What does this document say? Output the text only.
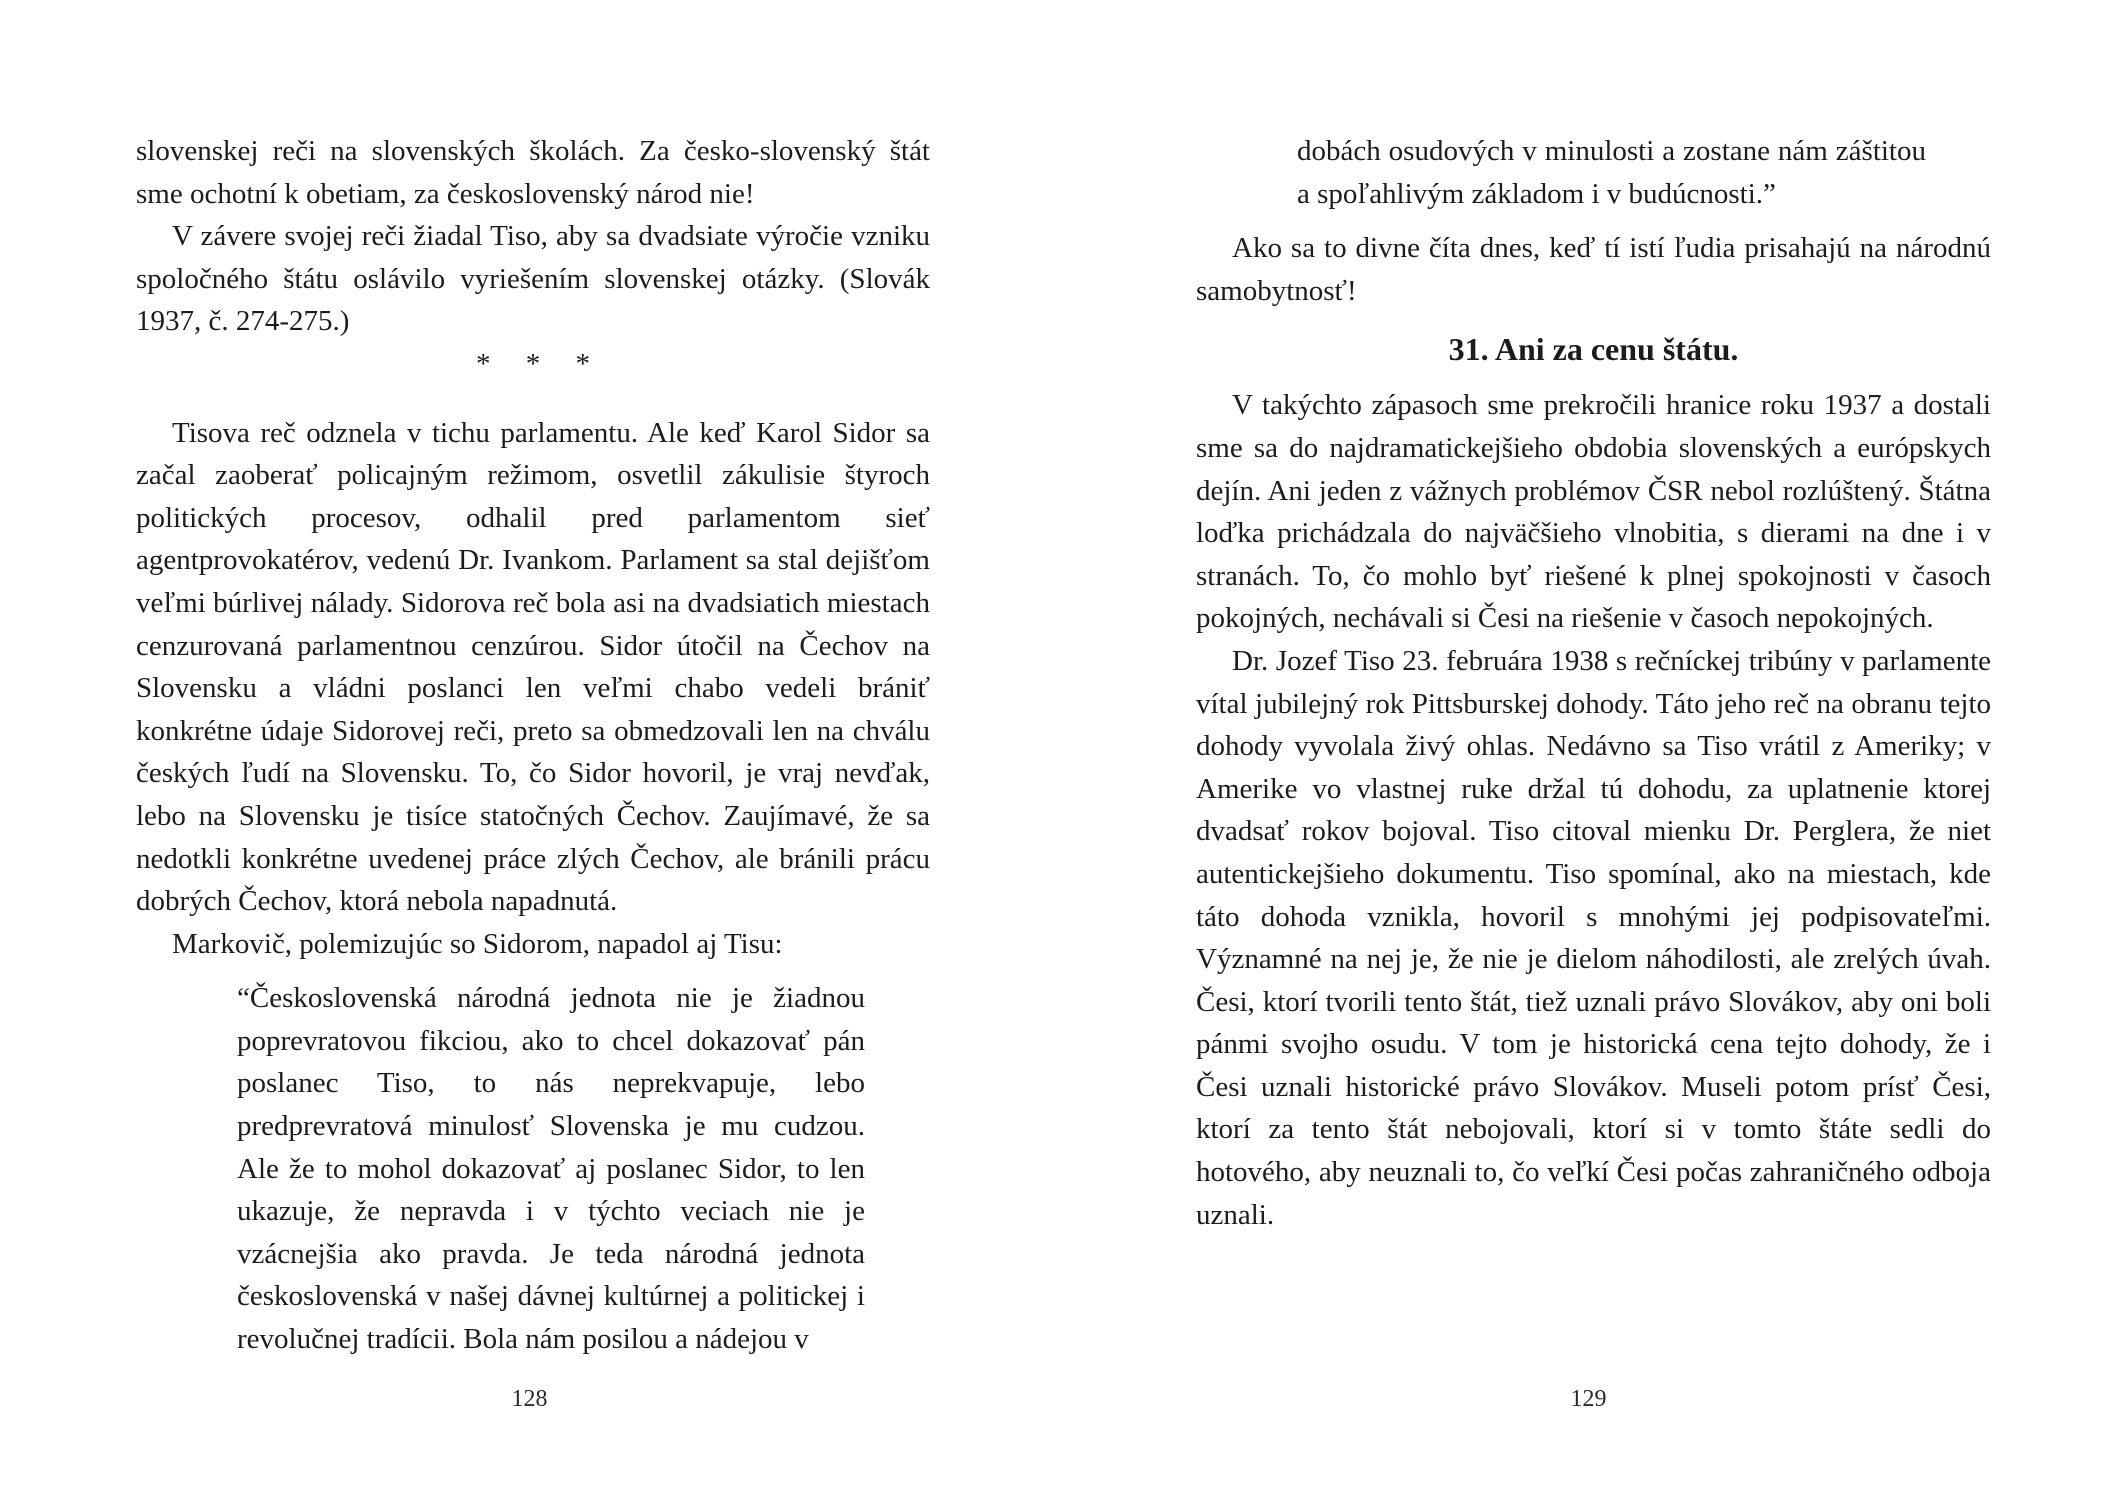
slovenskej reči na slovenských školách. Za česko-slovenský štát sme ochotní k obetiam, za československý národ nie!

V závere svojej reči žiadal Tiso, aby sa dvadsiate výročie vzniku spoločného štátu oslávilo vyriešením slovenskej otázky. (Slovák 1937, č. 274-275.)

* * *

Tisova reč odznela v tichu parlamentu. Ale keď Karol Sidor sa začal zaoberať policajným režimom, osvetlil zákulisie štyroch politických procesov, odhalil pred parlamentom sieť agentprovokatérov, vedenú Dr. Ivankom. Parlament sa stal dejišťom veľmi búrlivej nálady. Sidorova reč bola asi na dvadsiatich miestach cenzurovaná parlamentnou cenzúrou. Sidor útočil na Čechov na Slovensku a vládni poslanci len veľmi chabo vedeli brániť konkrétne údaje Sidorovej reči, preto sa obmedzovali len na chválu českých ľudí na Slovensku. To, čo Sidor hovoril, je vraj nevďak, lebo na Slovensku je tisíce statočných Čechov. Zaujímavé, že sa nedotkli konkrétne uvedenej práce zlých Čechov, ale bránili prácu dobrých Čechov, ktorá nebola napadnutá.

Markovič, polemizujúc so Sidorom, napadol aj Tisu:

“Československá národná jednota nie je žiadnou poprevratovou fikciou, ako to chcel dokazovať pán poslanec Tiso, to nás neprekvapuje, lebo predprevratová minulosť Slovenska je mu cudzou. Ale že to mohol dokazovať aj poslanec Sidor, to len ukazuje, že nepravda i v týchto veciach nie je vzácnejšia ako pravda. Je teda národná jednota československá v našej dávnej kultúrnej a politickej i revolučnej tradícii. Bola nám posilou a nádejou v

128

dobách osudových v minulosti a zostane nám záštitou a spoľahlivým základom i v budúcnosti.”

Ako sa to divne číta dnes, keď tí istí ľudia prisahajú na národnú samobytnosť!

31. Ani za cenu štátu.

V takýchto zápasoch sme prekročili hranice roku 1937 a dostali sme sa do najdramatickejšieho obdobia slovenských a európskych dejín. Ani jeden z vážnych problémov ČSR nebol rozlúštený. Štátna loďka prichádzala do najväčšieho vlnobitia, s dierami na dne i v stranách. To, čo mohlo byť riešené k plnej spokojnosti v časoch pokojných, nechávali si Česi na riešenie v časoch nepokojných.

Dr. Jozef Tiso 23. februára 1938 s rečníckej tribúny v parlamente vítal jubilejný rok Pittsburskej dohody. Táto jeho reč na obranu tejto dohody vyvolala živý ohlas. Nedávno sa Tiso vrátil z Ameriky; v Amerike vo vlastnej ruke držal tú dohodu, za uplatnenie ktorej dvadsať rokov bojoval. Tiso citoval mienku Dr. Perglera, že niet autentickejšieho dokumentu. Tiso spomínal, ako na miestach, kde táto dohoda vznikla, hovoril s mnohými jej podpisovateľmi. Významné na nej je, že nie je dielom náhodilosti, ale zrelých úvah. Česi, ktorí tvorili tento štát, tiež uznali právo Slovákov, aby oni boli pánmi svojho osudu. V tom je historická cena tejto dohody, že i Česi uznali historické právo Slovákov. Museli potom prísť Česi, ktorí za tento štát nebojovali, ktorí si v tomto štáte sedli do hotového, aby neuznali to, čo veľkí Česi počas zahraničného odboja uznali.

129
